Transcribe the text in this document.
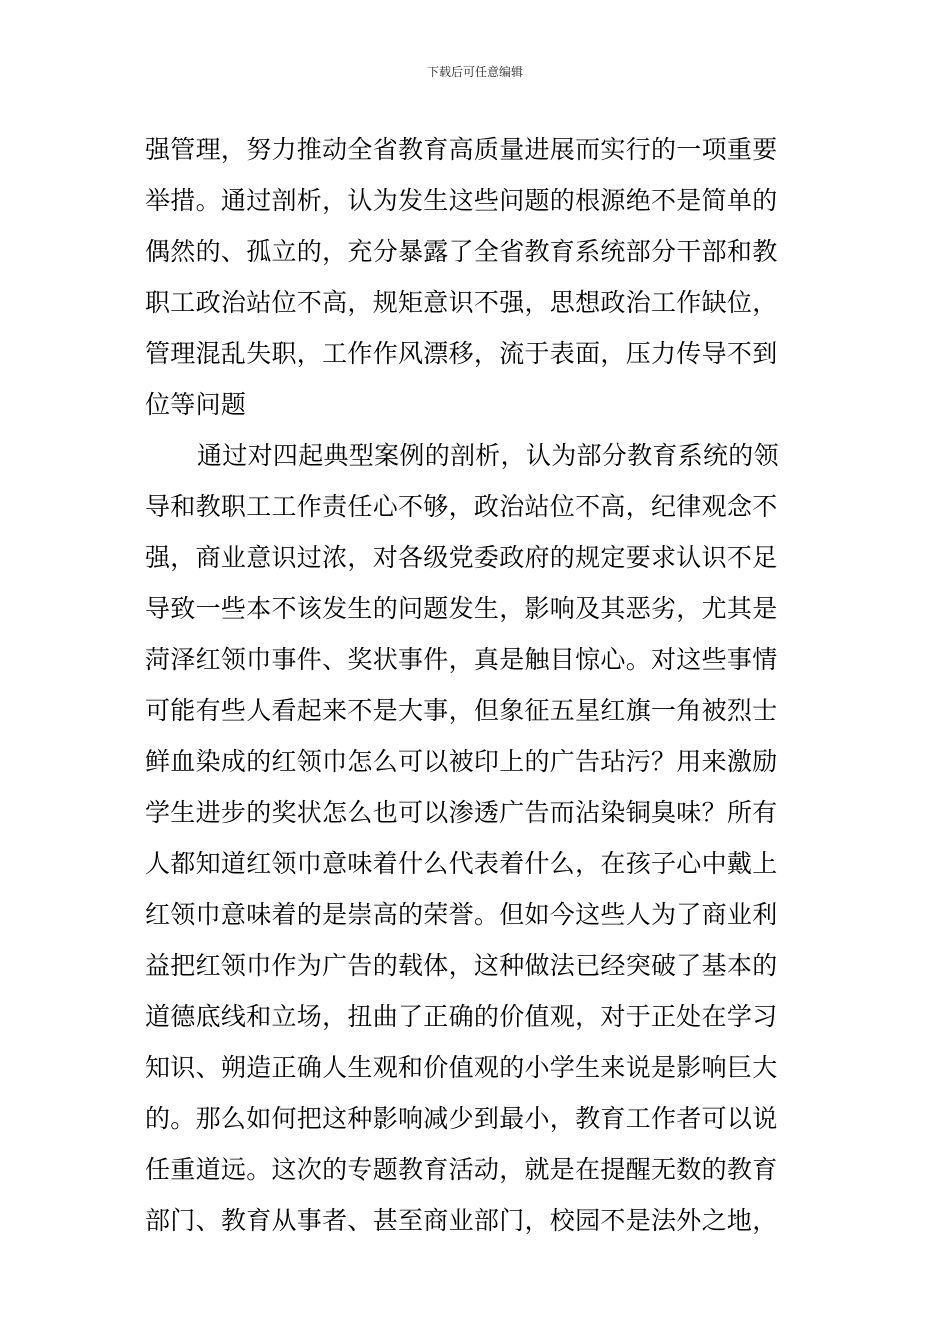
下载后可任意编辑
强管理，努力推动全省教育高质量进展而实行的一项重要
举措。通过剖析，认为发生这些问题的根源绝不是简单的
偶然的、孤立的，充分暴露了全省教育系统部分干部和教
职工政治站位不高，规矩意识不强，思想政治工作缺位，
管理混乱失职，工作作风漂移，流于表面，压力传导不到
位等问题
通过对四起典型案例的剖析，认为部分教育系统的领
导和教职工工作责任心不够，政治站位不高，纪律观念不
强，商业意识过浓，对各级党委政府的规定要求认识不足
导致一些本不该发生的问题发生，影响及其恶劣，尤其是
菏泽红领巾事件、奖状事件，真是触目惊心。对这些事情
可能有些人看起来不是大事，但象征五星红旗一角被烈士
鲜血染成的红领巾怎么可以被印上的广告玷污？用来激励
学生进步的奖状怎么也可以渗透广告而沾染铜臭味？所有
人都知道红领巾意味着什么代表着什么，在孩子心中戴上
红领巾意味着的是崇高的荣誉。但如今这些人为了商业利
益把红领巾作为广告的载体，这种做法已经突破了基本的
道德底线和立场，扭曲了正确的价值观，对于正处在学习
知识、朔造正确人生观和价值观的小学生来说是影响巨大
的。那么如何把这种影响减少到最小，教育工作者可以说
任重道远。这次的专题教育活动，就是在提醒无数的教育
部门、教育从事者、甚至商业部门，校园不是法外之地，
